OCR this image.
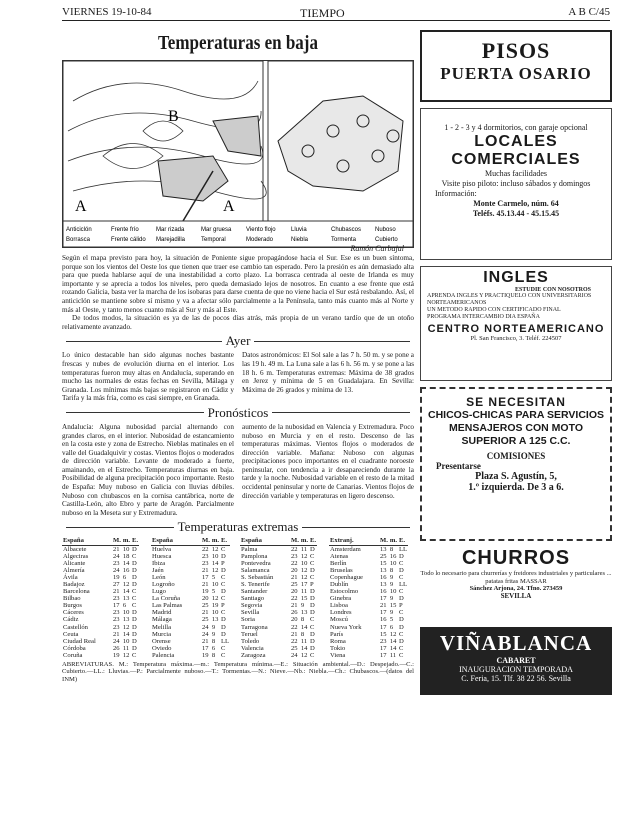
VIERNES 19-10-84	TIEMPO	A B C/45
Temperaturas en baja
B
A	A
Anticiclón
Borrasca
Frente frío
Frente cálido
Mar rizada
Marejadilla
Mar gruesa
Temporal
Viento flojo
Moderado
Lluvia
Niebla
Chubascos
Tormenta
Nuboso
Cubierto
Ramón Carbajal

Según el mapa previsto para hoy, la situación de Poniente sigue propagándose hacia el Sur. Ese es un buen síntoma, porque son los vientos del Oeste los que tienen que traer ese cambio tan esperado. Pero la presión es aún demasiado alta para que pueda hablarse aquí de una inestabilidad a corto plazo. La borrasca centrada al oeste de Irlanda es muy importante y se aprecia a todos los niveles, pero queda demasiado lejos de nosotros. En cuanto a ese frente que está rozando Galicia, basta ver la marcha de los isobaras para darse cuenta de que no viene hacia el Sur está resbalando. Así, el anticiclón se mantiene sobre sí mismo y va a afectar sólo parcialmente a la Península, tanto más cuanto más al Norte y más al Oeste, y tanto menos cuanto más al Sur y más al Este.

De todos modos, la situación es ya de las de pocos días atrás, más propia de un verano tardío que de un otoño relativamente avanzado.

Ayer

Lo único destacable han sido algunas noches bastante frescas y nubes de evolución diurna en el interior. Los temperaturas fueron muy altas en Andalucía, superando en mucho las normales de estas fechas en Sevilla, Málaga y Granada. Los mínimas más bajas se registraron en Cádiz y Tarifa y la más fría, como es casi siempre, en Granada.

Datos astronómicos: El Sol sale a las 7 h. 50 m. y se pone a las 19 h. 49 m. La Luna sale a las 6 h. 56 m. y se pone a las 18 h. 6 m. Temperaturas extremas: Máxima de 38 grados en Jerez y mínima de 5 en Guadalajara. En Sevilla: Máxima de 26 grados y mínima de 13.

Pronósticos

Andalucía: Alguna nubosidad parcial alternando con grandes claros, en el interior. Nubosidad de estancamiento en la costa este y zona de Estrecho. Nieblas matinales en el valle del Guadalquivir y costas. Vientos flojos o moderados de dirección variable. Levante de moderado a fuerte, amainando, en el Estrecho. Temperaturas diurnas en baja. Posibilidad de alguna precipitación poco importante. Resto de España: Muy nuboso en Galicia con lluvias débiles. Nuboso con chubascos en la cornisa cantábrica, norte de Castilla-León, alto Ebro y parte de Aragón. Parcialmente nuboso en la Meseta sur y Extremadura.

aumento de la nubosidad en Valencia y Extremadura. Poco nuboso en Murcia y en el resto. Descenso de las temperaturas máximas. Vientos flojos o moderados de dirección variable. Mañana: Nuboso con algunas precipitaciones poco importantes en el cuadrante noroeste peninsular, con tendencia a ir desapareciendo durante la tarde y la noche. Nubosidad variable en el resto de la mitad occidental peninsular y norte de Canarias. Vientos flojos de dirección variable y temperaturas en ligero descenso.

Temperaturas extremas
España	M.	m.	E.
Albacete	21	10	D
Algeciras	24	18	C
Alicante	23	14	D
Almería	24	16	D
Ávila	19	6	D
Badajoz	27	12	D
Barcelona	21	14	C
Bilbao	23	13	C
Burgos	17	6	C
Cáceres	23	10	D
Cádiz	23	13	D
Castellón	23	12	D
Ceuta	21	14	D
Ciudad Real	24	10	D
Córdoba	26	11	D
Coruña	19	12	C
España	M.	m.	E.
Huelva	22	12	C
Huesca	23	10	D
Ibiza	23	14	P
Jaén	21	12	D
León	17	5	C
Logroño	21	10	C
Lugo	19	5	D
La Coruña	20	12	C
Las Palmas	25	19	P
Madrid	21	10	C
Málaga	25	13	D
Melilla	24	9	D
Murcia	24	9	D
Orense	21	8	LL
Oviedo	17	6	C
Palencia	19	8	C
España	M.	m.	E.
Palma	22	11	D
Pamplona	23	12	C
Pontevedra	22	10	C
Salamanca	20	12	D
S. Sebastián	21	12	C
S. Tenerife	25	17	P
Santander	20	11	D
Santiago	22	15	D
Segovia	21	9	D
Sevilla	26	13	D
Soria	20	8	C
Tarragona	22	14	C
Teruel	21	8	D
Toledo	22	11	D
Valencia	25	14	D
Zaragoza	24	12	C
Extranj.	M.	m.	E.
Amsterdam	13	8	LL
Atenas	25	16	D
Berlín	15	10	C
Bruselas	13	8	D
Copenhague	16	9	C
Dublín	13	9	LL
Estocolmo	16	10	C
Ginebra	17	9	D
Lisboa	21	15	P
Londres	17	9	C
Moscú	16	5	D
Nueva York	17	6	D
París	15	12	C
Roma	23	14	D
Tokio	17	14	C
Viena	17	11	C

ABREVIATURAS. M.: Temperatura máxima.—m.: Temperatura mínima.—E.: Situación ambiental.—D.: Despejado.—C.: Cubierto.—LL.: Lluvias.—P.: Parcialmente nuboso.—T.: Tormentas.—N.: Nieve.—Nb.: Niebla.—Ch.: Chubascos.—(datos del INM)

PISOS
PUERTA OSARIO
1 - 2 - 3 y 4 dormitorios, con garaje opcional
LOCALES
COMERCIALES
Muchas facilidades
Visite piso piloto: incluso sábados y domingos
Información:
Monte Carmelo, núm. 64
Teléfs. 45.13.44 - 45.15.45
INGLES
ESTUDIE CON NOSOTROS
APRENDA INGLES Y PRACTIQUELO CON UNIVERSITARIOS NORTEAMERICANOS
UN METODO RAPIDO CON CERTIFICADO FINAL
PROGRAMA INTERCAMBIO DIA ESPAÑA
CENTRO NORTEAMERICANO
Pl. San Francisco, 3. Teléf. 224507
SE NECESITAN
CHICOS-CHICAS PARA SERVICIOS MENSAJEROS CON MOTO SUPERIOR A 125 C.C.
COMISIONES
Presentarse
Plaza S. Agustín, 5,
1.º izquierda. De 3 a 6.
CHURROS
Todo lo necesario para churrerías y freidores industriales y particulares ... patatas fritas MASSAR
Sánchez Arjona, 24. Tfno. 273459
SEVILLA
VIÑABLANCA
CABARET
INAUGURACION TEMPORADA
C. Feria, 15. Tlf. 38 22 56. Sevilla
